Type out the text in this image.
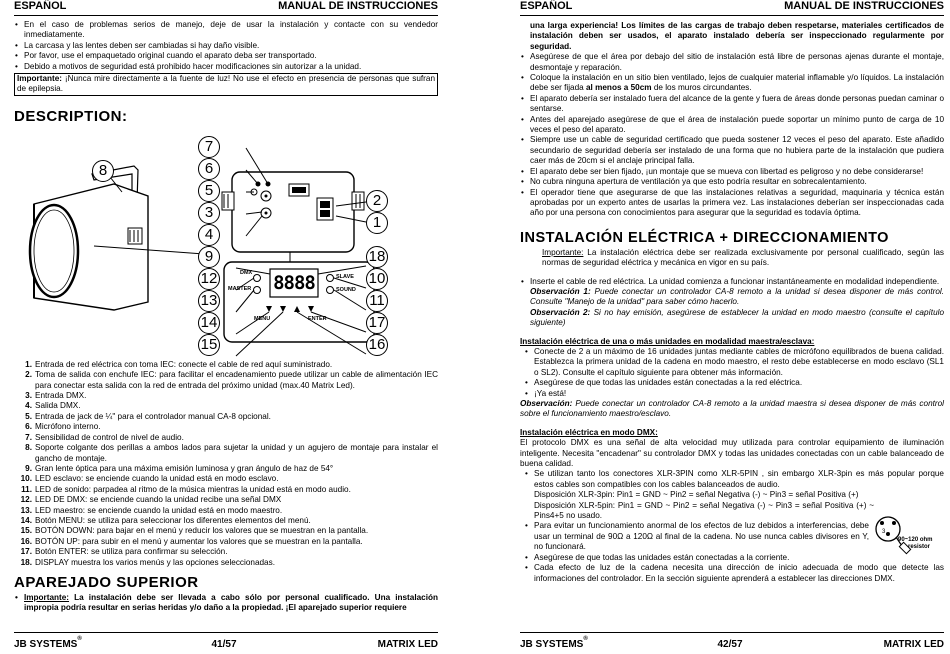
ESPAÑOL	MANUAL DE INSTRUCCIONES
• En el caso de problemas serios de manejo, deje de usar la instalación y contacte con su vendedor inmediatamente.
• La carcasa y las lentes deben ser cambiadas si hay daño visible.
• Por favor, use el empaquetado original cuando el aparato deba ser transportado.
• Debido a motivos de seguridad está prohibido hacer modificaciones sin autorizar a la unidad.
Importante: ¡Nunca mire directamente a la fuente de luz! No use el efecto en presencia de personas que sufran de epilepsia.
DESCRIPTION:
DMX
MASTER
SLAVE
SOUND
8888
MENU	ENTER
8
7
6
5
3
4
9
12
13
14
15
2
1
18
10
11
17
16
1. Entrada de red eléctrica con toma IEC: conecte el cable de red aquí suministrado.
2. Toma de salida con enchufe IEC: para facilitar el encadenamiento puede utilizar un cable de alimentación IEC para conectar esta salida con la red de entrada del próximo unidad (max.40 Matrix Led).
3. Entrada DMX.
4. Salida DMX.
5. Entrada de jack de ¼" para el controlador manual CA-8 opcional.
6. Micrófono interno.
7. Sensibilidad de control de nivel de audio.
8. Soporte colgante dos perillas a ambos lados para sujetar la unidad y un agujero de montaje para instalar el gancho de montaje.
9. Gran lente óptica para una máxima emisión luminosa y gran ángulo de haz de 54°
10. LED esclavo: se enciende cuando la unidad está en modo esclavo.
11. LED de sonido: parpadea al ritmo de la música mientras la unidad está en modo audio.
12. LED DE DMX: se enciende cuando la unidad recibe una señal DMX
13. LED maestro: se enciende cuando la unidad está en modo maestro.
14. Botón MENU: se utiliza para seleccionar los diferentes elementos del menú.
15. BOTÓN DOWN: para bajar en el menú y reducir los valores que se muestran en la pantalla.
16. BOTÓN UP: para subir en el menú y aumentar los valores que se muestran en la pantalla.
17. Botón ENTER: se utiliza para confirmar su selección.
18. DISPLAY muestra los varios menús y las opciones seleccionadas.
APAREJADO SUPERIOR
• Importante: La instalación debe ser llevada a cabo sólo por personal cualificado. Una instalación impropia podría resultar en serias heridas y/o daño a la propiedad. ¡El aparejado superior requiere
JB SYSTEMS®	41/57	MATRIX LED
ESPAÑOL	MANUAL DE INSTRUCCIONES

una larga experiencia! Los límites de las cargas de trabajo deben respetarse, materiales certificados de instalación deben ser usados, el aparato instalado debería ser inspeccionado regularmente por seguridad.

• Asegúrese de que el área por debajo del sitio de instalación está libre de personas ajenas durante el montaje, desmontaje y reparación.
• Coloque la instalación en un sitio bien ventilado, lejos de cualquier material inflamable y/o líquidos. La instalación debe ser fijada al menos a 50cm de los muros circundantes.
• El aparato debería ser instalado fuera del alcance de la gente y fuera de áreas donde personas puedan caminar o sentarse.
• Antes del aparejado asegúrese de que el área de instalación puede soportar un mínimo punto de carga de 10 veces el peso del aparato.
• Siempre use un cable de seguridad certificado que pueda sostener 12 veces el peso del aparato. Este añadido secundario de seguridad debería ser instalado de una forma que no hubiera parte de la instalación que pudiera caer más de 20cm si el anclaje principal falla.
• El aparato debe ser bien fijado, ¡un montaje que se mueva con libertad es peligroso y no debe considerarse!
• No cubra ninguna apertura de ventilación ya que esto podría resultar en sobrecalentamiento.
• El operador tiene que asegurarse de que las instalaciones relativas a seguridad, maquinaria y técnica están aprobadas por un experto antes de usarlas la primera vez. Las instalaciones deberían ser inspeccionadas cada año por una persona con conocimientos para asegurar que la seguridad es todavía óptima.
INSTALACIÓN ELÉCTRICA + DIRECCIONAMIENTO

Importante: La instalación eléctrica debe ser realizada exclusivamente por personal cualificado, según las normas de seguridad eléctrica y mecánica en vigor en su país.

• Inserte el cable de red eléctrica. La unidad comienza a funcionar instantáneamente en modalidad independiente.

Observación 1: Puede conectar un controlador CA-8 remoto a la unidad si desea disponer de más control. Consulte "Manejo de la unidad" para saber cómo hacerlo.

Observación 2: Si no hay emisión, asegúrese de establecer la unidad en modo maestro (consulte el capítulo siguiente)

Instalación eléctrica de una o más unidades en modalidad maestra/esclava:

• Conecte de 2 a un máximo de 16 unidades juntas mediante cables de micrófono equilibrados de buena calidad. Establezca la primera unidad de la cadena en modo maestro, el resto debe establecerse en modo esclavo (SL1 o SL2). Consulte el capítulo siguiente para obtener más información.
• Asegúrese de que todas las unidades están conectadas a la red eléctrica.
• ¡Ya está!

Observación: Puede conectar un controlador CA-8 remoto a la unidad maestra si desea disponer de más control sobre el funcionamiento maestro/esclavo.

Instalación eléctrica en modo DMX:

El protocolo DMX es una señal de alta velocidad muy utilizada para controlar equipamiento de iluminación inteligente. Necesita "encadenar" su controlador DMX y todas las unidades conectadas con un cable balanceado de buena calidad.

• Se utilizan tanto los conectores XLR-3PIN como XLR-5PIN , sin embargo XLR-3pin es más popular porque estos cables son compatibles con los cables balanceados de audio.
Disposición XLR-3pin: Pin1 = GND ~ Pin2 = señal Negativa (-) ~ Pin3 = señal Positiva (+)
Disposición XLR-5pin: Pin1 = GND ~ Pin2 = señal Negativa (-) ~ Pin3 = señal Positiva (+) ~ Pins4+5 no usado.
• Para evitar un funcionamiento anormal de los efectos de luz debidos a interferencias, debe usar un terminal de 90Ω a 120Ω al final de la cadena. No use nunca cables divisores en Y, no funcionará.
• Asegúrese de que todas las unidades están conectadas a la corriente.
• Cada efecto de luz de la cadena necesita una dirección de inicio adecuada de modo que detecte las informaciones del controlador. En la sección siguiente aprenderá a establecer las direcciones DMX.
3
90~120 ohm
resistor
JB SYSTEMS®	42/57	MATRIX LED
